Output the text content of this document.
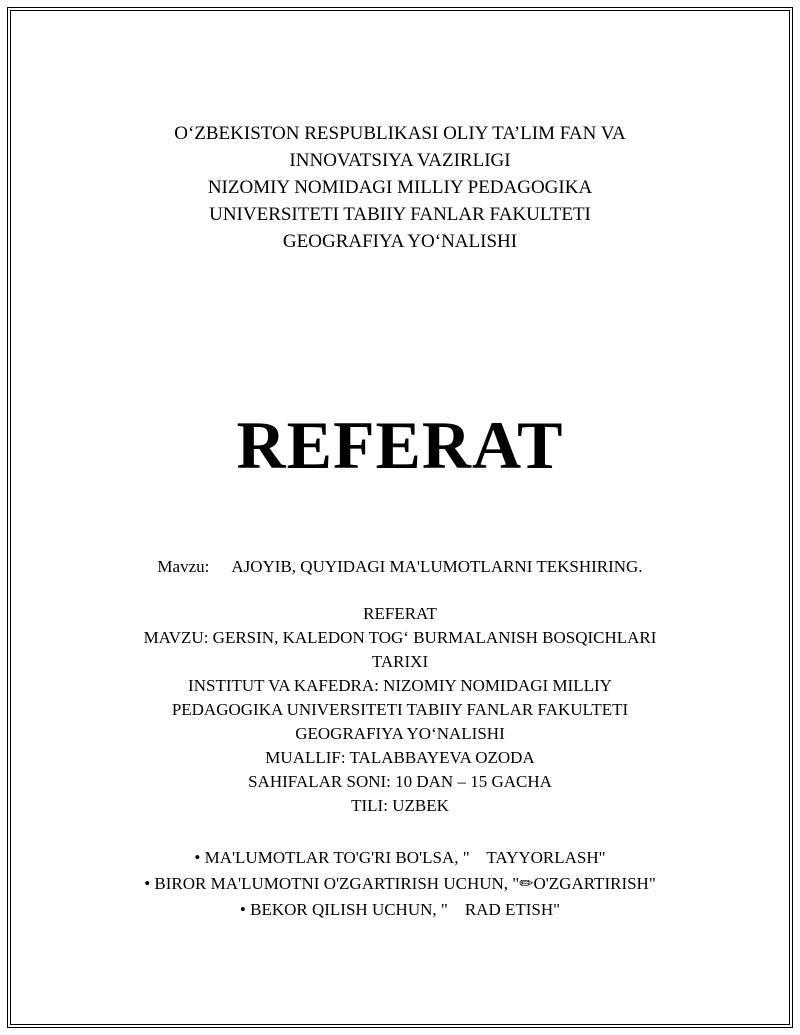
O‘ZBEKISTON RESPUBLIKASI OLIY TA’LIM FAN VA
INNOVATSIYA VAZIRLIGI
NIZOMIY NOMIDAGI MILLIY PEDAGOGIKA
UNIVERSITETI TABIIY FANLAR FAKULTETI
GEOGRAFIYA YO‘NALISHI
REFERAT
Mavzu: AJOYIB, QUYIDAGI MA'LUMOTLARNI TEKSHIRING.
REFERAT
MAVZU: GERSIN, KALEDON TOG‘ BURMALANISH BOSQICHLARI
TARIXI
INSTITUT VA KAFEDRA: NIZOMIY NOMIDAGI MILLIY
PEDAGOGIKA UNIVERSITETI TABIIY FANLAR FAKULTETI
GEOGRAFIYA YO‘NALISHI
MUALLIF: TALABBAYEVA OZODA
SAHIFALAR SONI: 10 DAN – 15 GACHA
TILI: UZBEK
• MA'LUMOTLAR TO'G'RI BO'LSA, "    TAYYORLASH"
• BIROR MA'LUMOTNI O'ZGARTIRISH UCHUN, "✏O'ZGARTIRISH"
• BEKOR QILISH UCHUN, "    RAD ETISH"
